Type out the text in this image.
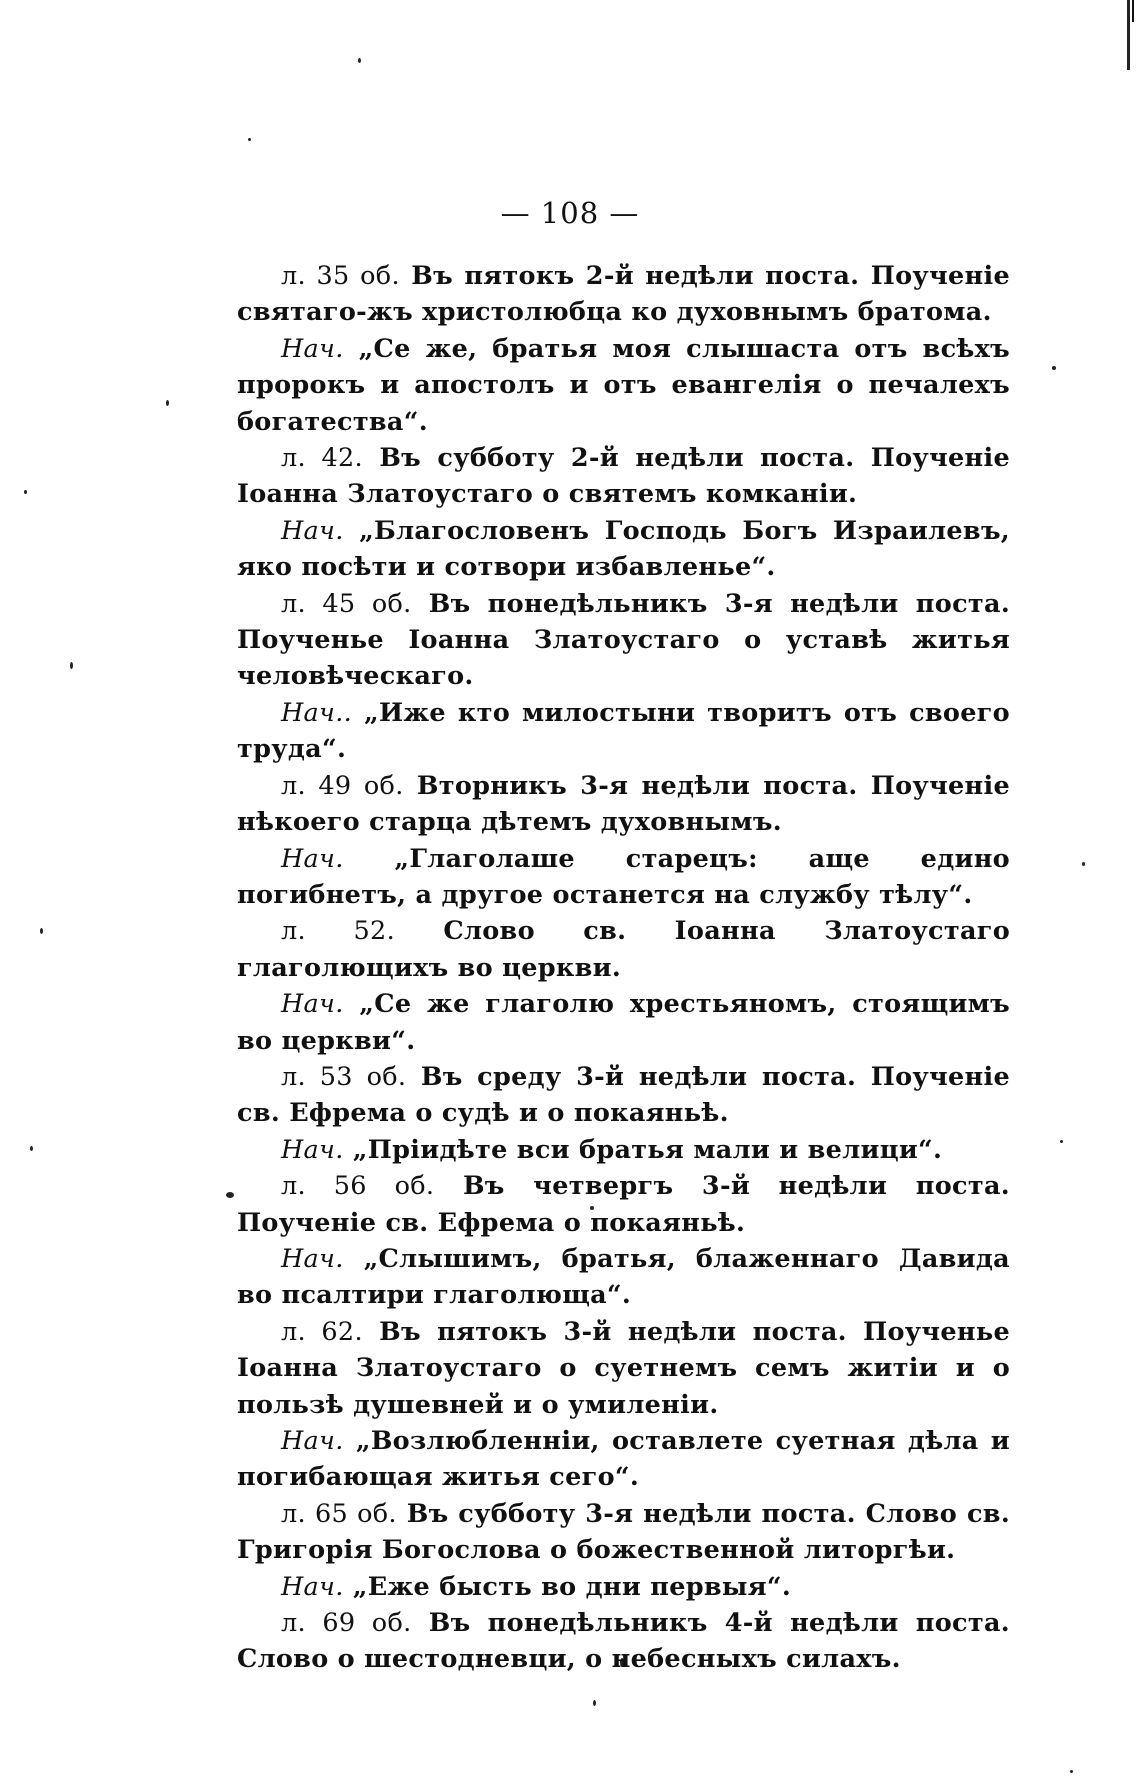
— 108 —

л. 35 об. Въ пятокъ 2-й недѣли поста. Поученіе святаго-жъ христолюбца ко духовнымъ братома.

Нач. „Се же, братья моя слышаста отъ всѣхъ пророкъ и апостолъ и отъ евангелія о печалехъ богатества“.

л. 42. Въ субботу 2-й недѣли поста. Поученіе Іоанна Златоустаго о святемъ комканіи.

Нач. „Благословенъ Господь Богъ Израилевъ, яко посѣти и сотвори избавленье“.

л. 45 об. Въ понедѣльникъ 3-я недѣли поста. Поученье Іоанна Златоустаго о уставѣ житья человѣческаго.

Нач.. „Иже кто милостыни творитъ отъ своего труда“.

л. 49 об. Вторникъ 3-я недѣли поста. Поученіе нѣкоего старца дѣтемъ духовнымъ.

Нач. „Глаголаше старецъ: аще едино погибнетъ, а другое останется на службу тѣлу“.

л. 52. Слово св. Іоанна Златоустаго глаголющихъ во церкви.

Нач. „Се же глаголю хрестьяномъ, стоящимъ во церкви“.

л. 53 об. Въ среду 3-й недѣли поста. Поученіе св. Ефрема о судѣ и о покаяньѣ.

Нач. „Пріидѣте вси братья мали и велици“.

л. 56 об. Въ четвергъ 3-й недѣли поста. Поученіе св. Ефрема о покаяньѣ.

Нач. „Слышимъ, братья, блаженнаго Давида во псалтири глаголюща“.

л. 62. Въ пятокъ 3-й недѣли поста. Поученье Іоанна Златоустаго о суетнемъ семъ житіи и о пользѣ душевней и о умиленіи.

Нач. „Возлюбленніи, оставлете суетная дѣла и погибающая житья сего“.

л. 65 об. Въ субботу 3-я недѣли поста. Слово св. Григорія Богослова о божественной литоргѣи.

Нач. „Еже бысть во дни первыя“.

л. 69 об. Въ понедѣльникъ 4-й недѣли поста. Слово о шестодневци, о небесныхъ силахъ.
